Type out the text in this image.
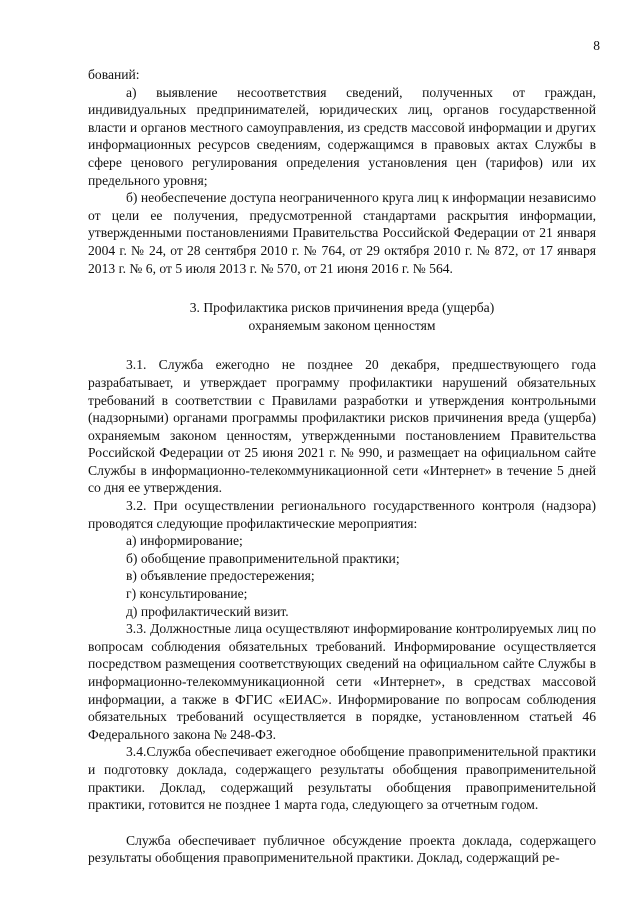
8

бований:

а) выявление несоответствия сведений, полученных от граждан, индивидуальных предпринимателей, юридических лиц, органов государственной власти и органов местного самоуправления, из средств массовой информации и других информационных ресурсов сведениям, содержащимся в правовых актах Службы в сфере ценового регулирования определения установления цен (тарифов) или их предельного уровня;

б) необеспечение доступа неограниченного круга лиц к информации независимо от цели ее получения, предусмотренной стандартами раскрытия информации, утвержденными постановлениями Правительства Российской Федерации от 21 января 2004 г. № 24, от 28 сентября 2010 г. № 764, от 29 октября 2010 г. № 872, от 17 января 2013 г. № 6, от 5 июля 2013 г. № 570, от 21 июня 2016 г. № 564.

3. Профилактика рисков причинения вреда (ущерба)
охраняемым законом ценностям

3.1. Служба ежегодно не позднее 20 декабря, предшествующего года разрабатывает, и утверждает программу профилактики нарушений обязательных требований в соответствии с Правилами разработки и утверждения контрольными (надзорными) органами программы профилактики рисков причинения вреда (ущерба) охраняемым законом ценностям, утвержденными постановлением Правительства Российской Федерации от 25 июня 2021 г. № 990, и размещает на официальном сайте Службы в информационно-телекоммуникационной сети «Интернет» в течение 5 дней со дня ее утверждения.

3.2. При осуществлении регионального государственного контроля (надзора) проводятся следующие профилактические мероприятия:

а) информирование;

б) обобщение правоприменительной практики;

в) объявление предостережения;

г) консультирование;

д) профилактический визит.

3.3. Должностные лица осуществляют информирование контролируемых лиц по вопросам соблюдения обязательных требований. Информирование осуществляется посредством размещения соответствующих сведений на официальном сайте Службы в информационно-телекоммуникационной сети «Интернет», в средствах массовой информации, а также в ФГИС «ЕИАС». Информирование по вопросам соблюдения обязательных требований осуществляется в порядке, установленном статьей 46 Федерального закона № 248-ФЗ.

3.4.Служба обеспечивает ежегодное обобщение правоприменительной практики и подготовку доклада, содержащего результаты обобщения правоприменительной практики. Доклад, содержащий результаты обобщения правоприменительной практики, готовится не позднее 1 марта года, следующего за отчетным годом.

Служба обеспечивает публичное обсуждение проекта доклада, содержащего результаты обобщения правоприменительной практики. Доклад, содержащий ре-
